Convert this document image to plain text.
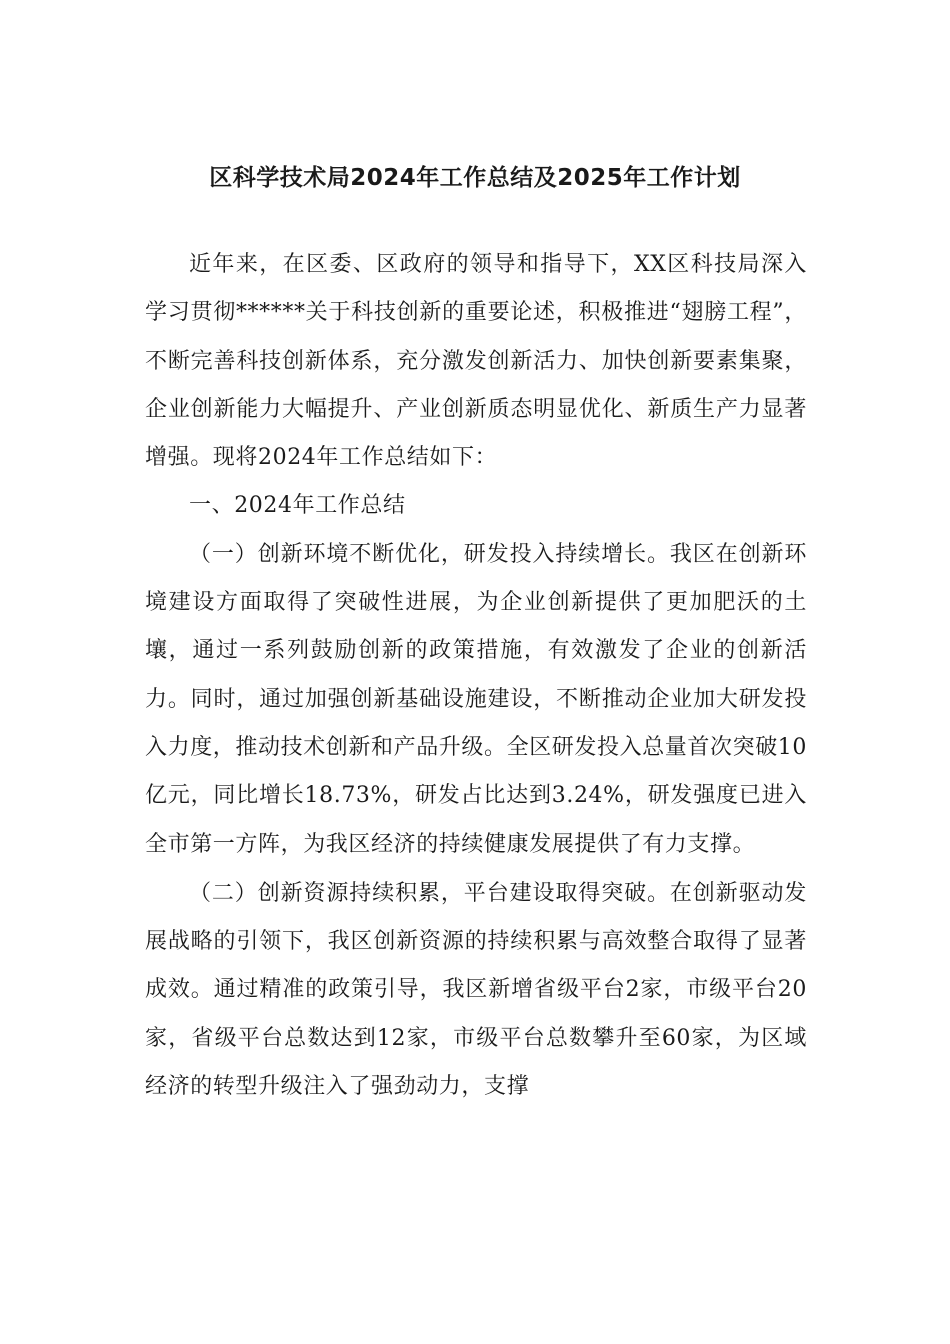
区科学技术局2024年工作总结及2025年工作计划

近年来，在区委、区政府的领导和指导下，XX区科技局深入学习贯彻******关于科技创新的重要论述，积极推进“翅膀工程”，不断完善科技创新体系，充分激发创新活力、加快创新要素集聚，企业创新能力大幅提升、产业创新质态明显优化、新质生产力显著增强。现将2024年工作总结如下：

一、2024年工作总结

（一）创新环境不断优化，研发投入持续增长。我区在创新环境建设方面取得了突破性进展，为企业创新提供了更加肥沃的土壤，通过一系列鼓励创新的政策措施，有效激发了企业的创新活力。同时，通过加强创新基础设施建设，不断推动企业加大研发投入力度，推动技术创新和产品升级。全区研发投入总量首次突破10亿元，同比增长18.73%，研发占比达到3.24%，研发强度已进入全市第一方阵，为我区经济的持续健康发展提供了有力支撑。

（二）创新资源持续积累，平台建设取得突破。在创新驱动发展战略的引领下，我区创新资源的持续积累与高效整合取得了显著成效。通过精准的政策引导，我区新增省级平台2家，市级平台20家，省级平台总数达到12家，市级平台总数攀升至60家，为区域经济的转型升级注入了强劲动力，支撑
